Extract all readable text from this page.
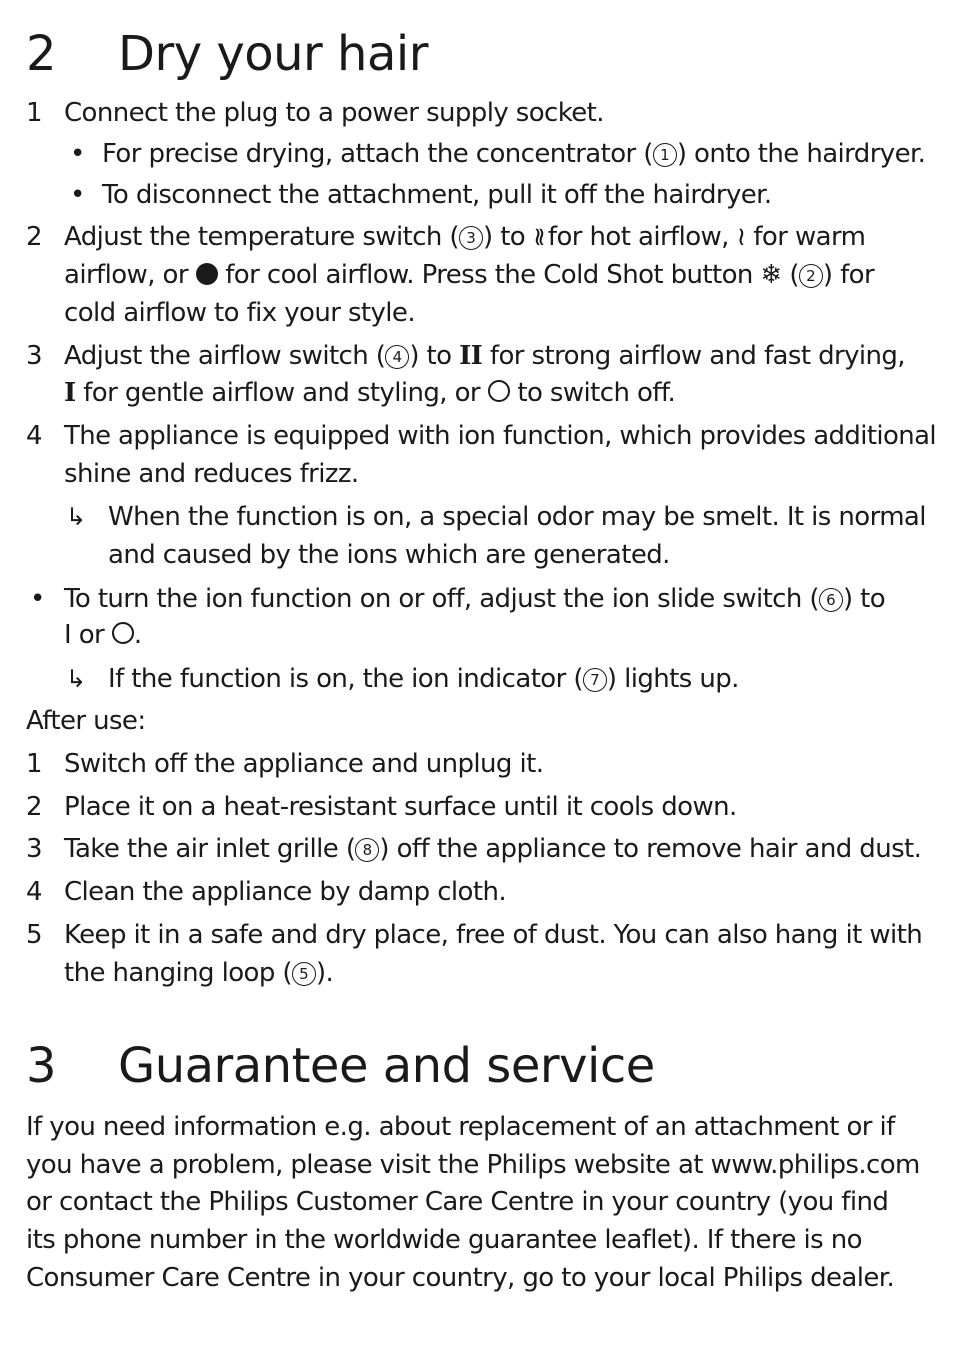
2 Dry your hair
1 Connect the plug to a power supply socket.
• For precise drying, attach the concentrator ( 1 ) onto the hairdryer.
• To disconnect the attachment, pull it off the hairdryer.
2 Adjust the temperature switch ( 3 ) to ≀≀ for hot airflow, ≀ for warm
airflow, or  for cool airflow. Press the Cold Shot button ❄ ( 2 ) for
cold airflow to fix your style.
3 Adjust the airflow switch ( 4 ) to II for strong airflow and fast drying,
I for gentle airflow and styling, or  to switch off.
4 The appliance is equipped with ion function, which provides additional
shine and reduces frizz.
↳ When the function is on, a special odor may be smelt. It is normal
and caused by the ions which are generated.
• To turn the ion function on or off, adjust the ion slide switch ( 6 ) to
I or .
↳ If the function is on, the ion indicator ( 7 ) lights up.
After use:
1 Switch off the appliance and unplug it.
2 Place it on a heat-resistant surface until it cools down.
3 Take the air inlet grille ( 8 ) off the appliance to remove hair and dust.
4 Clean the appliance by damp cloth.
5 Keep it in a safe and dry place, free of dust. You can also hang it with
the hanging loop ( 5 ).
3 Guarantee and service
If you need information e.g. about replacement of an attachment or if
you have a problem, please visit the Philips website at www.philips.com
or contact the Philips Customer Care Centre in your country (you find
its phone number in the worldwide guarantee leaflet). If there is no
Consumer Care Centre in your country, go to your local Philips dealer.
